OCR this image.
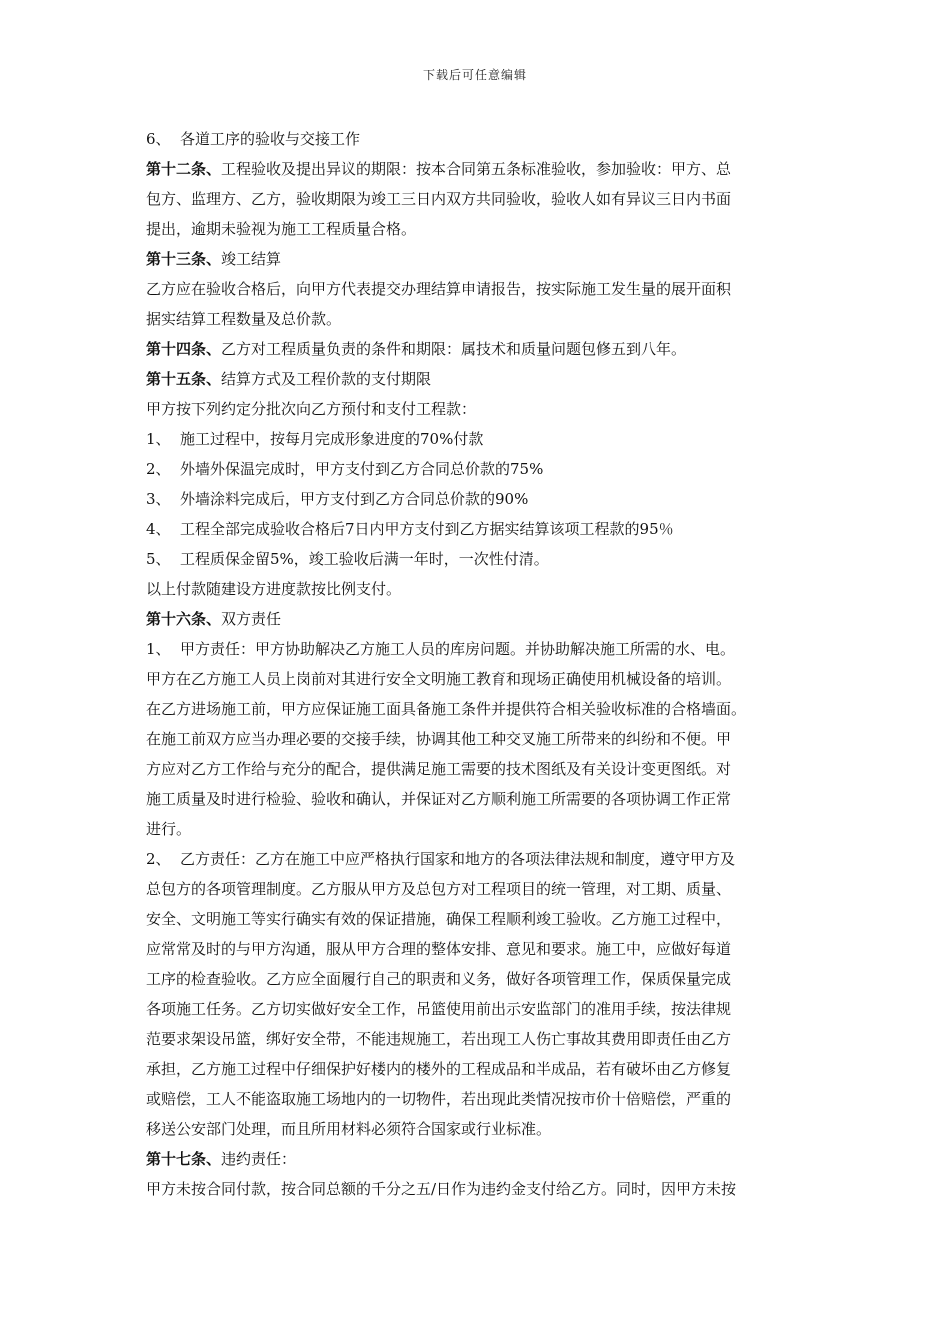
下载后可任意编辑
6、 各道工序的验收与交接工作
第十二条、工程验收及提出异议的期限：按本合同第五条标准验收，参加验收：甲方、总
包方、监理方、乙方，验收期限为竣工三日内双方共同验收，验收人如有异议三日内书面
提出，逾期未验视为施工工程质量合格。
第十三条、竣工结算
乙方应在验收合格后，向甲方代表提交办理结算申请报告，按实际施工发生量的展开面积
据实结算工程数量及总价款。
第十四条、乙方对工程质量负责的条件和期限：属技术和质量问题包修五到八年。
第十五条、结算方式及工程价款的支付期限
甲方按下列约定分批次向乙方预付和支付工程款：
1、 施工过程中，按每月完成形象进度的70%付款
2、 外墙外保温完成时，甲方支付到乙方合同总价款的75%
3、 外墙涂料完成后，甲方支付到乙方合同总价款的90%
4、 工程全部完成验收合格后7日内甲方支付到乙方据实结算该项工程款的95％
5、 工程质保金留5%，竣工验收后满一年时，一次性付清。
以上付款随建设方进度款按比例支付。
第十六条、双方责任
1、 甲方责任：甲方协助解决乙方施工人员的库房问题。并协助解决施工所需的水、电。
甲方在乙方施工人员上岗前对其进行安全文明施工教育和现场正确使用机械设备的培训。
在乙方进场施工前，甲方应保证施工面具备施工条件并提供符合相关验收标准的合格墙面。
在施工前双方应当办理必要的交接手续，协调其他工种交叉施工所带来的纠纷和不便。甲
方应对乙方工作给与充分的配合，提供满足施工需要的技术图纸及有关设计变更图纸。对
施工质量及时进行检验、验收和确认，并保证对乙方顺利施工所需要的各项协调工作正常
进行。
2、 乙方责任：乙方在施工中应严格执行国家和地方的各项法律法规和制度，遵守甲方及
总包方的各项管理制度。乙方服从甲方及总包方对工程项目的统一管理，对工期、质量、
安全、文明施工等实行确实有效的保证措施，确保工程顺利竣工验收。乙方施工过程中，
应常常及时的与甲方沟通，服从甲方合理的整体安排、意见和要求。施工中，应做好每道
工序的检查验收。乙方应全面履行自己的职责和义务，做好各项管理工作，保质保量完成
各项施工任务。乙方切实做好安全工作，吊篮使用前出示安监部门的准用手续，按法律规
范要求架设吊篮，绑好安全带，不能违规施工，若出现工人伤亡事故其费用即责任由乙方
承担，乙方施工过程中仔细保护好楼内的楼外的工程成品和半成品，若有破坏由乙方修复
或赔偿，工人不能盗取施工场地内的一切物件，若出现此类情况按市价十倍赔偿，严重的
移送公安部门处理，而且所用材料必须符合国家或行业标准。
第十七条、违约责任：
甲方未按合同付款，按合同总额的千分之五/日作为违约金支付给乙方。同时，因甲方未按
